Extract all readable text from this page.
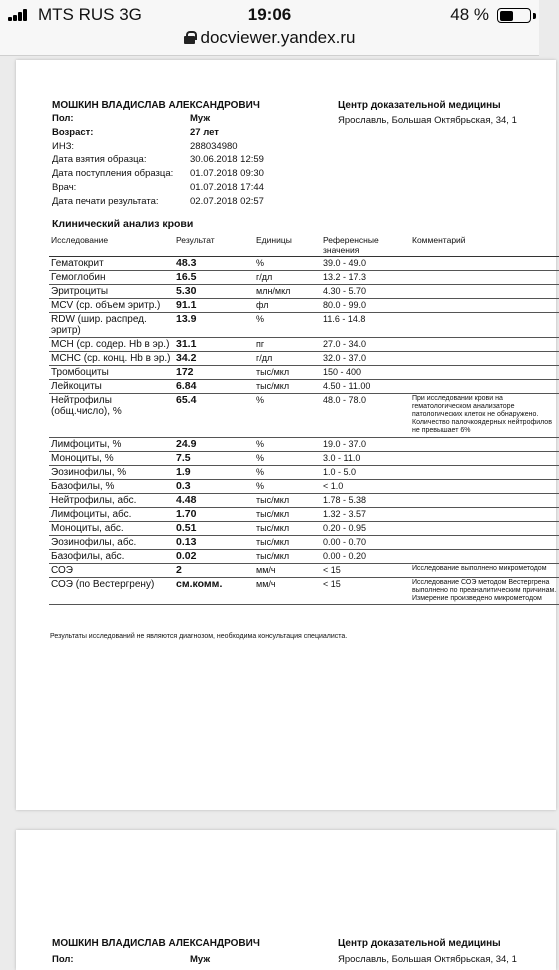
MTS RUS 3G	19:06	48 %
docviewer.yandex.ru
МОШКИН ВЛАДИСЛАВ АЛЕКСАНДРОВИЧ	Центр доказательной медицины
Ярославль, Большая Октябрьская, 34, 1
Пол:	Муж
Возраст:	27 лет
ИНЗ:	288034980
Дата взятия образца:	30.06.2018 12:59
Дата поступления образца: 01.07.2018 09:30
Врач:	01.07.2018 17:44
Дата печати результата:	02.07.2018 02:57
Клинический анализ крови
Исследование	Результат	Единицы	Референсные значения	Комментарий
Гематокрит	48.3	%	39.0 - 49.0	
Гемоглобин	16.5	г/дл	13.2 - 17.3	
Эритроциты	5.30	млн/мкл	4.30 - 5.70	
MCV (ср. объем эритр.)	91.1	фл	80.0 - 99.0	
RDW (шир. распред. эритр)	13.9	%	11.6 - 14.8	
MCH (ср. содер. Hb в эр.)	31.1	пг	27.0 - 34.0	
MCHC (ср. конц. Hb в эр.)	34.2	г/дл	32.0 - 37.0	
Тромбоциты	172	тыс/мкл	150 - 400	
Лейкоциты	6.84	тыс/мкл	4.50 - 11.00	
Нейтрофилы (общ.число), %	65.4	%	48.0 - 78.0	При исследовании крови на гематологическом анализаторе патологических клеток не обнаружено. Количество палочкоядерных нейтрофилов не превышает 6%
Лимфоциты, %	24.9	%	19.0 - 37.0	
Моноциты, %	7.5	%	3.0 - 11.0	
Эозинофилы, %	1.9	%	1.0 - 5.0	
Базофилы, %	0.3	%	< 1.0	
Нейтрофилы, абс.	4.48	тыс/мкл	1.78 - 5.38	
Лимфоциты, абс.	1.70	тыс/мкл	1.32 - 3.57	
Моноциты, абс.	0.51	тыс/мкл	0.20 - 0.95	
Эозинофилы, абс.	0.13	тыс/мкл	0.00 - 0.70	
Базофилы, абс.	0.02	тыс/мкл	0.00 - 0.20	
СОЭ	2	мм/ч	< 15	Исследование выполнено микрометодом
СОЭ (по Вестергрену)	см.комм.	мм/ч	< 15	Исследование СОЭ методом Вестергрена выполнено по преаналитическим причинам. Измерение произведено микрометодом
Результаты исследований не являются диагнозом, необходима консультация специалиста.
МОШКИН ВЛАДИСЛАВ АЛЕКСАНДРОВИЧ	Центр доказательной медицины
Пол:	Муж	Ярославль, Большая Октябрьская, 34, 1
